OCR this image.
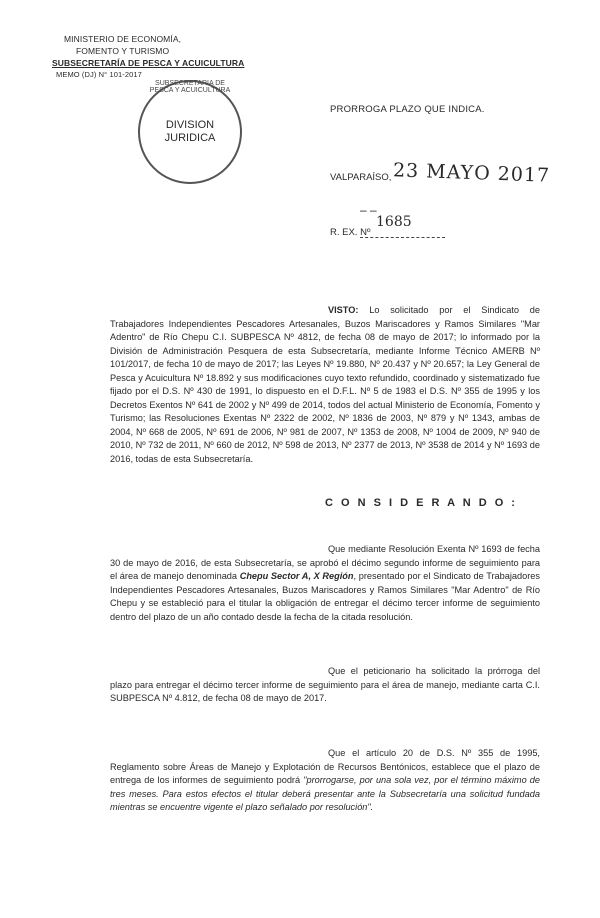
MINISTERIO DE ECONOMÍA,
FOMENTO Y TURISMO
SUBSECRETARÍA DE PESCA Y ACUICULTURA
MEMO (DJ) N° 101-2017
DIVISION
JURIDICA
SUBSECRETARIA DE PESCA Y ACUICULTURA
PRORROGA PLAZO QUE INDICA.
VALPARAÍSO, 23 MAYO 2017
– –
R. EX. Nº
1685
VISTO: Lo solicitado por el Sindicato de Trabajadores Independientes Pescadores Artesanales, Buzos Mariscadores y Ramos Similares "Mar Adentro" de Río Chepu C.I. SUBPESCA Nº 4812, de fecha 08 de mayo de 2017; lo informado por la División de Administración Pesquera de esta Subsecretaría, mediante Informe Técnico AMERB Nº 101/2017, de fecha 10 de mayo de 2017; las Leyes Nº 19.880, Nº 20.437 y Nº 20.657; la Ley General de Pesca y Acuicultura Nº 18.892 y sus modificaciones cuyo texto refundido, coordinado y sistematizado fue fijado por el D.S. Nº 430 de 1991, lo dispuesto en el D.F.L. Nº 5 de 1983 el D.S. Nº 355 de 1995 y los Decretos Exentos Nº 641 de 2002 y Nº 499 de 2014, todos del actual Ministerio de Economía, Fomento y Turismo; las Resoluciones Exentas Nº 2322 de 2002, Nº 1836 de 2003, Nº 879 y Nº 1343, ambas de 2004, Nº 668 de 2005, Nº 691 de 2006, Nº 981 de 2007, Nº 1353 de 2008, Nº 1004 de 2009, Nº 940 de 2010, Nº 732 de 2011, Nº 660 de 2012, Nº 598 de 2013, Nº 2377 de 2013, Nº 3538 de 2014 y Nº 1693 de 2016, todas de esta Subsecretaría.
C O N S I D E R A N D O :
Que mediante Resolución Exenta Nº 1693 de fecha 30 de mayo de 2016, de esta Subsecretaría, se aprobó el décimo segundo informe de seguimiento para el área de manejo denominada Chepu Sector A, X Región, presentado por el Sindicato de Trabajadores Independientes Pescadores Artesanales, Buzos Mariscadores y Ramos Similares "Mar Adentro" de Río Chepu y se estableció para el titular la obligación de entregar el décimo tercer informe de seguimiento dentro del plazo de un año contado desde la fecha de la citada resolución.
Que el peticionario ha solicitado la prórroga del plazo para entregar el décimo tercer informe de seguimiento para el área de manejo, mediante carta C.I. SUBPESCA Nº 4.812, de fecha 08 de mayo de 2017.
Que el artículo 20 de D.S. Nº 355 de 1995, Reglamento sobre Áreas de Manejo y Explotación de Recursos Bentónicos, establece que el plazo de entrega de los informes de seguimiento podrá "prorrogarse, por una sola vez, por el término máximo de tres meses. Para estos efectos el titular deberá presentar ante la Subsecretaría una solicitud fundada mientras se encuentre vigente el plazo señalado por resolución".
